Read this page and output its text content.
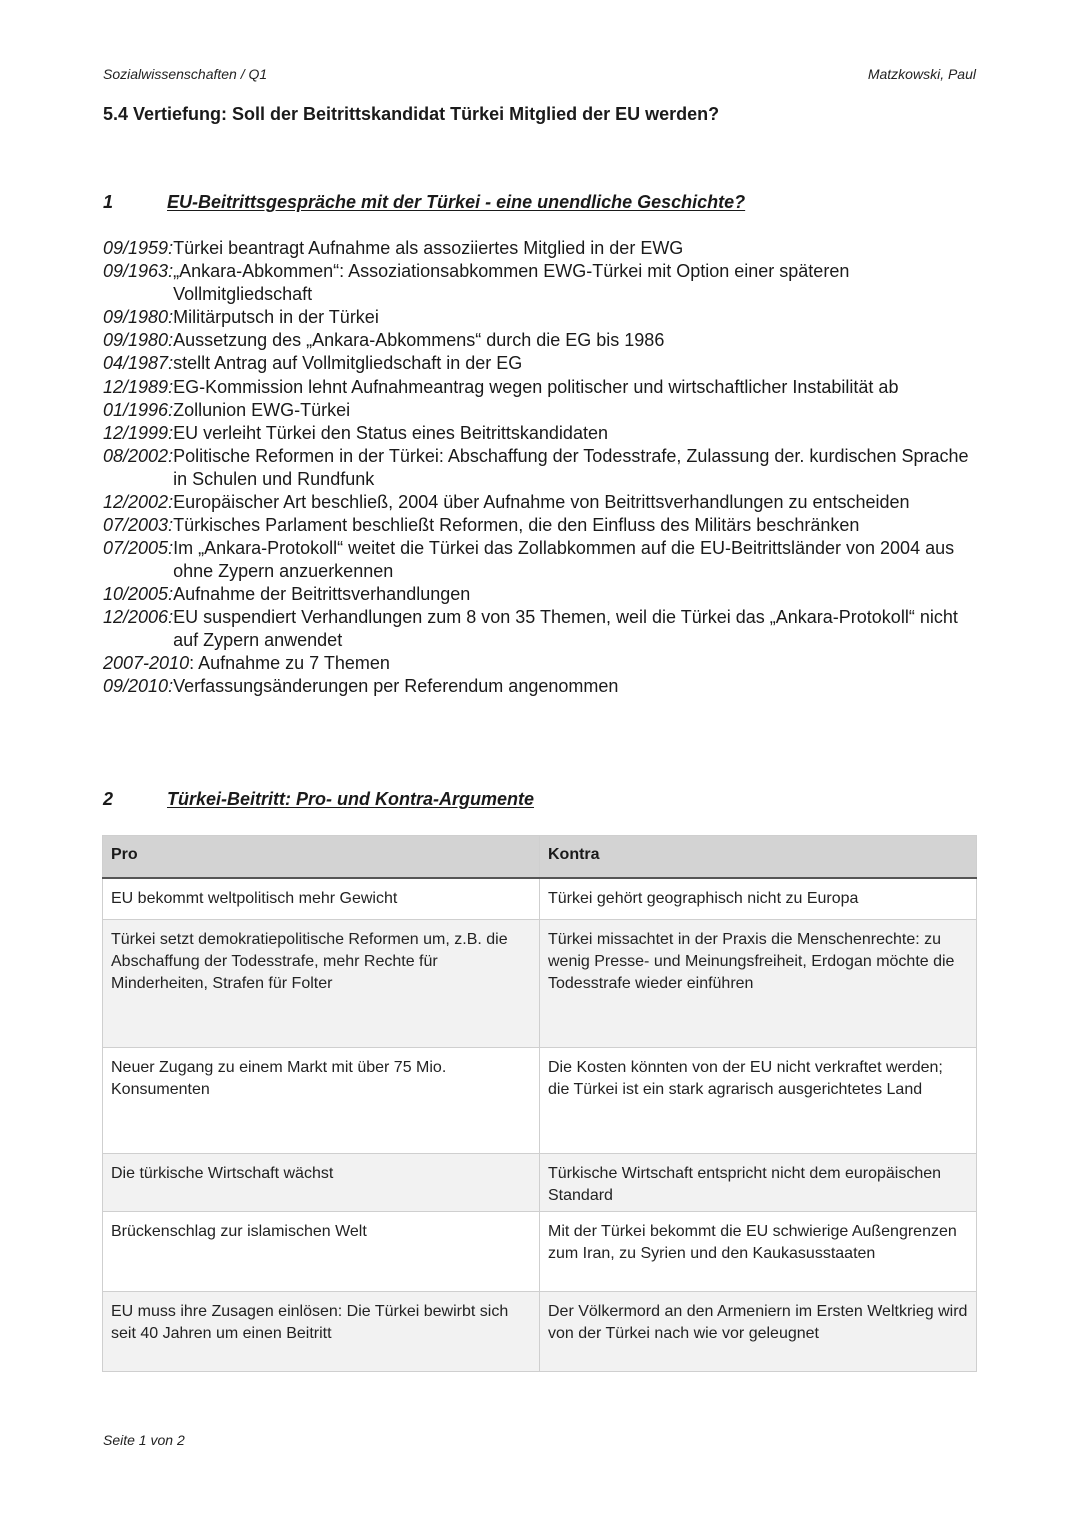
Sozialwissenschaften / Q1	Matzkowski, Paul
5.4 Vertiefung: Soll der Beitrittskandidat Türkei Mitglied der EU werden?
1	EU-Beitrittsgespräche mit der Türkei - eine unendliche Geschichte?
09/1959: Türkei beantragt Aufnahme als assoziiertes Mitglied in der EWG
09/1963: „Ankara-Abkommen“: Assoziationsabkommen EWG-Türkei mit Option einer späteren Vollmitgliedschaft
09/1980: Militärputsch in der Türkei
09/1980: Aussetzung des „Ankara-Abkommens“ durch die EG bis 1986
04/1987: stellt Antrag auf Vollmitgliedschaft in der EG
12/1989: EG-Kommission lehnt Aufnahmeantrag wegen politischer und wirtschaftlicher Instabilität ab
01/1996: Zollunion EWG-Türkei
12/1999: EU verleiht Türkei den Status eines Beitrittskandidaten
08/2002: Politische Reformen in der Türkei: Abschaffung der Todesstrafe, Zulassung der. kurdischen Sprache in Schulen und Rundfunk
12/2002: Europäischer Art beschließ, 2004 über Aufnahme von Beitrittsverhandlungen zu entscheiden
07/2003: Türkisches Parlament beschließt Reformen, die den Einfluss des Militärs beschränken
07/2005: Im „Ankara-Protokoll“ weitet die Türkei das Zollabkommen auf die EU-Beitrittsländer von 2004 aus ohne Zypern anzuerkennen
10/2005: Aufnahme der Beitrittsverhandlungen
12/2006: EU suspendiert Verhandlungen zum 8 von 35 Themen, weil die Türkei das „Ankara-Protokoll“ nicht auf Zypern anwendet
2007-2010 : Aufnahme zu 7 Themen
09/2010: Verfassungsänderungen per Referendum angenommen
2	Türkei-Beitritt: Pro- und Kontra-Argumente
Pro	Kontra
EU bekommt weltpolitisch mehr Gewicht	Türkei gehört geographisch nicht zu Europa
Türkei setzt demokratiepolitische Reformen um, z.B. die Abschaffung der Todesstrafe, mehr Rechte für Minderheiten, Strafen für Folter	Türkei missachtet in der Praxis die Menschenrechte: zu wenig Presse- und Meinungsfreiheit, Erdogan möchte die Todesstrafe wieder einführen
Neuer Zugang zu einem Markt mit über 75 Mio. Konsumenten	Die Kosten könnten von der EU nicht verkraftet werden; die Türkei ist ein stark agrarisch ausgerichtetes Land
Die türkische Wirtschaft wächst	Türkische Wirtschaft entspricht nicht dem europäischen Standard
Brückenschlag zur islamischen Welt	Mit der Türkei bekommt die EU schwierige Außengrenzen zum Iran, zu Syrien und den Kaukasusstaaten
EU muss ihre Zusagen einlösen: Die Türkei bewirbt sich seit 40 Jahren um einen Beitritt	Der Völkermord an den Armeniern im Ersten Weltkrieg wird von der Türkei nach wie vor geleugnet
Seite 1 von 2
